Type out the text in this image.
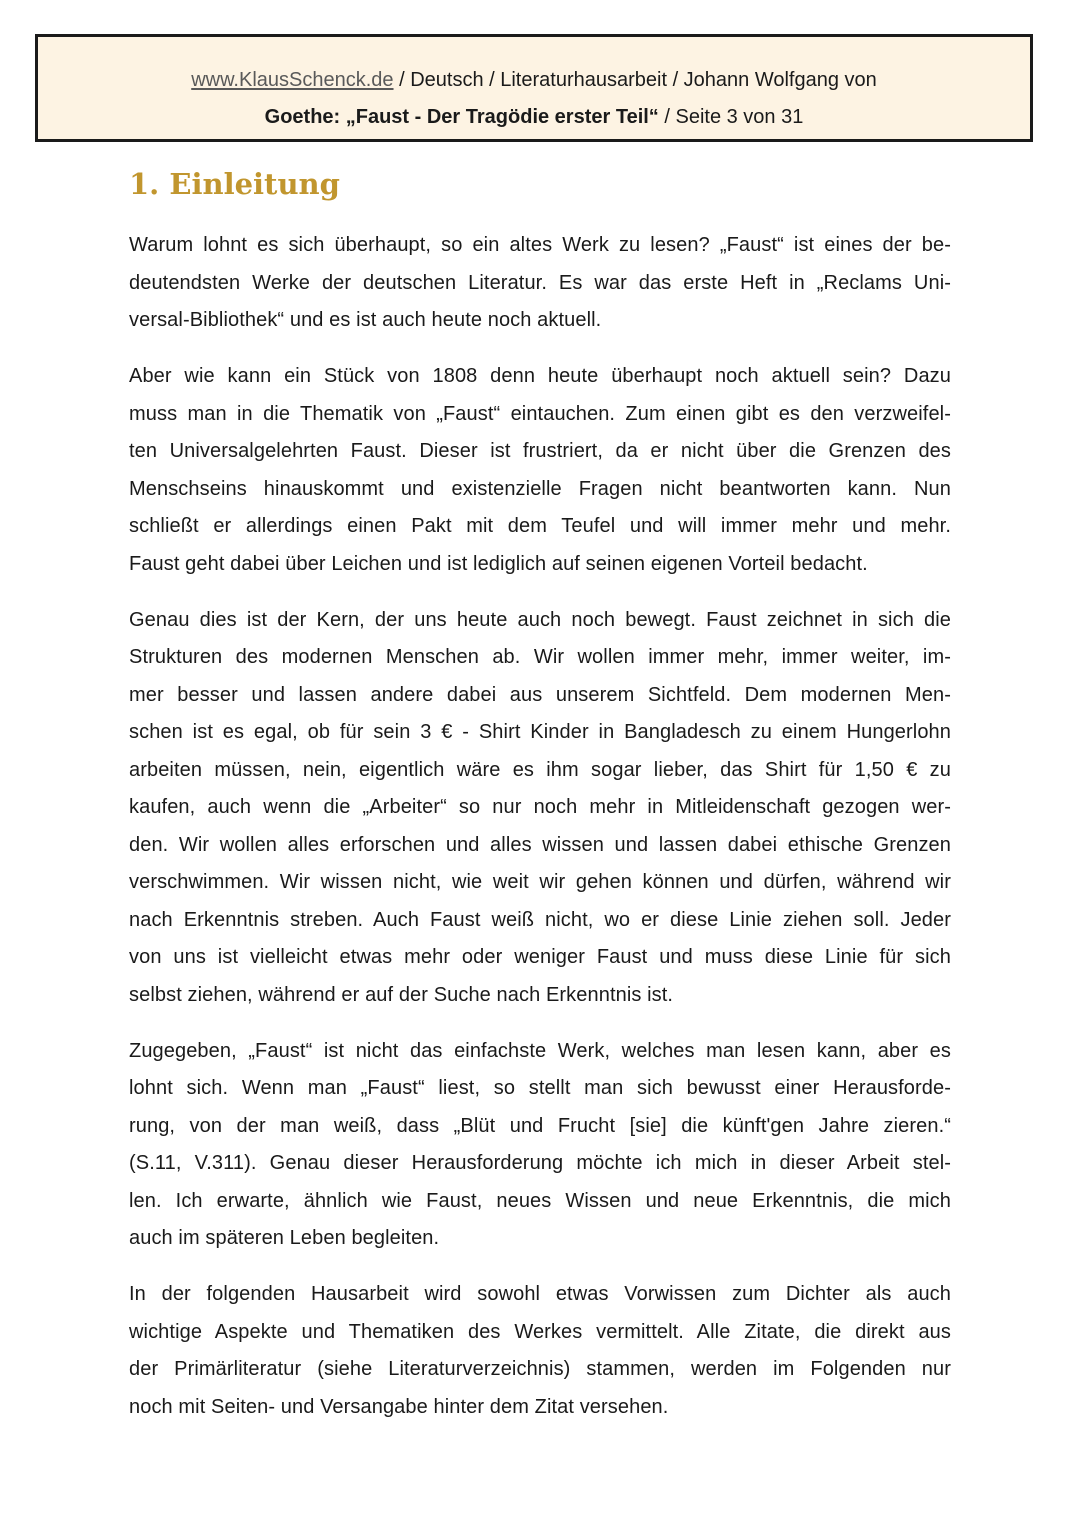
www.KlausSchenck.de / Deutsch / Literaturhausarbeit / Johann Wolfgang von
Goethe: „Faust - Der Tragödie erster Teil“ / Seite 3 von 31
1. Einleitung

Warum lohnt es sich überhaupt, so ein altes Werk zu lesen? „Faust“ ist eines der be-
deutendsten Werke der deutschen Literatur. Es war das erste Heft in „Reclams Uni-
versal-Bibliothek“ und es ist auch heute noch aktuell.

Aber wie kann ein Stück von 1808 denn heute überhaupt noch aktuell sein? Dazu
muss man in die Thematik von „Faust“ eintauchen. Zum einen gibt es den verzweifel-
ten Universalgelehrten Faust. Dieser ist frustriert, da er nicht über die Grenzen des
Menschseins hinauskommt und existenzielle Fragen nicht beantworten kann. Nun
schließt er allerdings einen Pakt mit dem Teufel und will immer mehr und mehr.
Faust geht dabei über Leichen und ist lediglich auf seinen eigenen Vorteil bedacht.

Genau dies ist der Kern, der uns heute auch noch bewegt. Faust zeichnet in sich die
Strukturen des modernen Menschen ab. Wir wollen immer mehr, immer weiter, im-
mer besser und lassen andere dabei aus unserem Sichtfeld. Dem modernen Men-
schen ist es egal, ob für sein 3 € - Shirt Kinder in Bangladesch zu einem Hungerlohn
arbeiten müssen, nein, eigentlich wäre es ihm sogar lieber, das Shirt für 1,50 € zu
kaufen, auch wenn die „Arbeiter“ so nur noch mehr in Mitleidenschaft gezogen wer-
den. Wir wollen alles erforschen und alles wissen und lassen dabei ethische Grenzen
verschwimmen. Wir wissen nicht, wie weit wir gehen können und dürfen, während wir
nach Erkenntnis streben. Auch Faust weiß nicht, wo er diese Linie ziehen soll. Jeder
von uns ist vielleicht etwas mehr oder weniger Faust und muss diese Linie für sich
selbst ziehen, während er auf der Suche nach Erkenntnis ist.

Zugegeben, „Faust“ ist nicht das einfachste Werk, welches man lesen kann, aber es
lohnt sich. Wenn man „Faust“ liest, so stellt man sich bewusst einer Herausforde-
rung, von der man weiß, dass „Blüt und Frucht [sie] die künft'gen Jahre zieren.“
(S.11, V.311). Genau dieser Herausforderung möchte ich mich in dieser Arbeit stel-
len. Ich erwarte, ähnlich wie Faust, neues Wissen und neue Erkenntnis, die mich
auch im späteren Leben begleiten.

In der folgenden Hausarbeit wird sowohl etwas Vorwissen zum Dichter als auch
wichtige Aspekte und Thematiken des Werkes vermittelt. Alle Zitate, die direkt aus
der Primärliteratur (siehe Literaturverzeichnis) stammen, werden im Folgenden nur
noch mit Seiten- und Versangabe hinter dem Zitat versehen.
